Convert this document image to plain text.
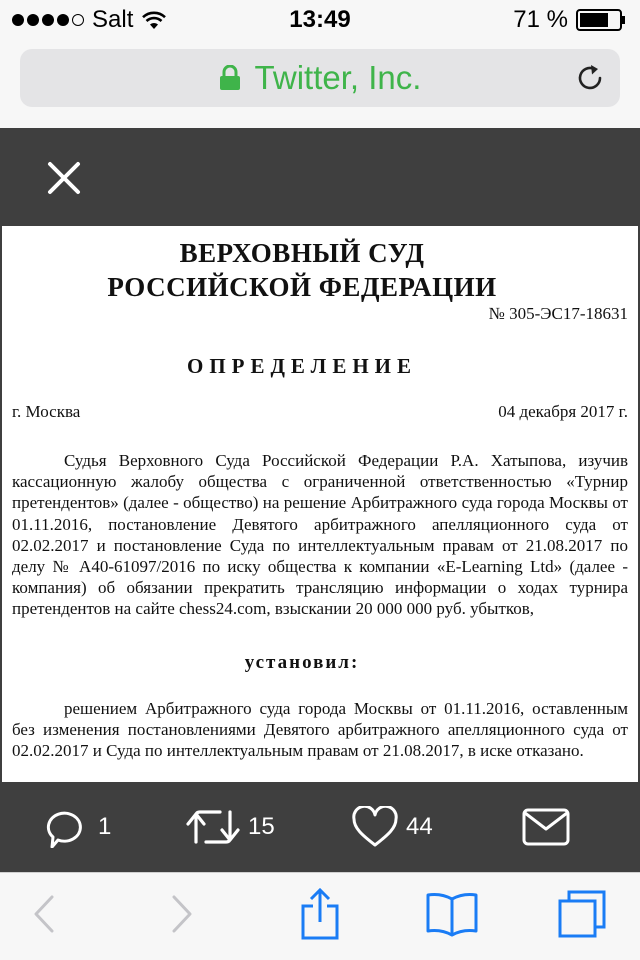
Salt	13:49	71 %
Twitter, Inc.
ВЕРХОВНЫЙ СУД
РОССИЙСКОЙ ФЕДЕРАЦИИ
№ 305-ЭС17-18631
ОПРЕДЕЛЕНИЕ
г. Москва	04 декабря 2017 г.
Судья Верховного Суда Российской Федерации Р.А. Хатыпова, изучив кассационную жалобу общества с ограниченной ответственностью «Турнир претендентов» (далее - общество) на решение Арбитражного суда города Москвы от 01.11.2016, постановление Девятого арбитражного апелляционного суда от 02.02.2017 и постановление Суда по интеллектуальным правам от 21.08.2017 по делу № А40-61097/2016 по иску общества к компании «E-Learning Ltd» (далее - компания) об обязании прекратить трансляцию информации о ходах турнира претендентов на сайте chess24.com, взыскании 20 000 000 руб. убытков,
установил:
решением Арбитражного суда города Москвы от 01.11.2016, оставленным без изменения постановлениями Девятого арбитражного апелляционного суда от 02.02.2017 и Суда по интеллектуальным правам от 21.08.2017, в иске отказано.
1	15	44
